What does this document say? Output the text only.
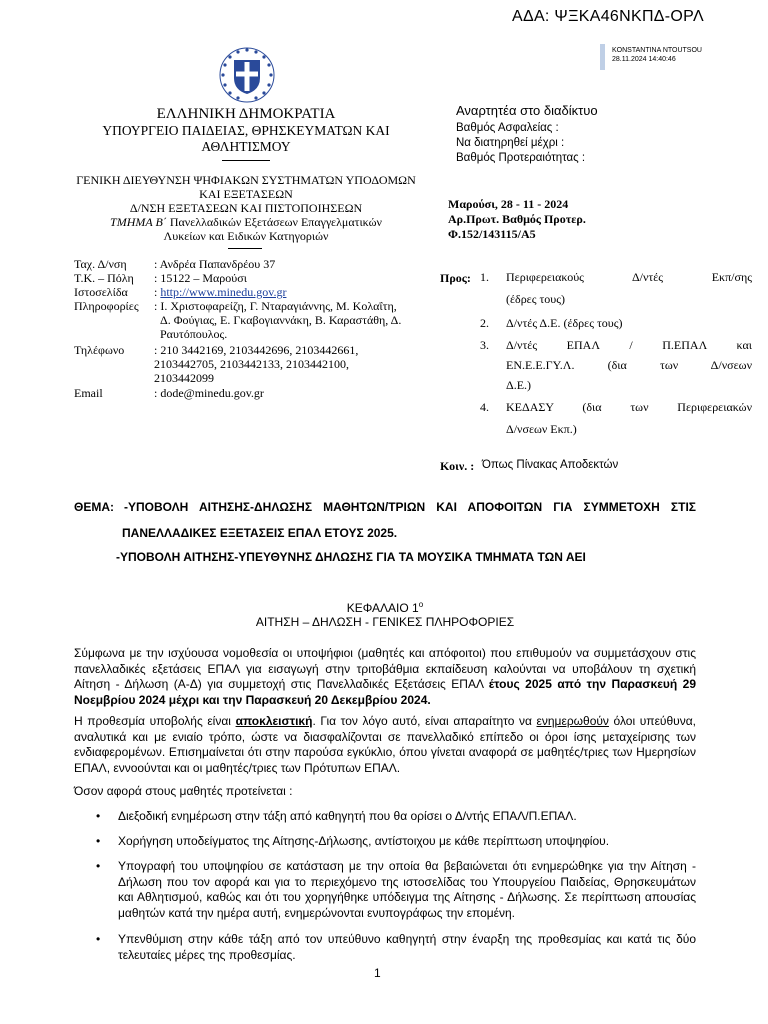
ΑΔΑ: ΨΞΚΑ46ΝΚΠΔ-ΟΡΛ
KONSTANTINA NTOUTSOU
28.11.2024 14:40:46
ΕΛΛΗΝΙΚΗ ΔΗΜΟΚΡΑΤΙΑ
ΥΠΟΥΡΓΕΙΟ ΠΑΙΔΕΙΑΣ, ΘΡΗΣΚΕΥΜΑΤΩΝ ΚΑΙ
ΑΘΛΗΤΙΣΜΟΥ
ΓΕΝΙΚΗ ΔΙΕΥΘΥΝΣΗ ΨΗΦΙΑΚΩΝ ΣΥΣΤΗΜΑΤΩΝ ΥΠΟΔΟΜΩΝ
ΚΑΙ ΕΞΕΤΑΣΕΩΝ
Δ/ΝΣΗ ΕΞΕΤΑΣΕΩΝ ΚΑΙ ΠΙΣΤΟΠΟΙΗΣΕΩΝ
ΤΜΗΜΑ Β΄ Πανελλαδικών Εξετάσεων Επαγγελματικών
Λυκείων και Ειδικών Κατηγοριών
Ταχ. Δ/νση	: Ανδρέα Παπανδρέου 37
Τ.Κ. – Πόλη	: 15122 – Μαρούσι
Ιστοσελίδα	: http://www.minedu.gov.gr
Πληροφορίες	: Ι. Χριστοφαρείζη, Γ. Νταραγιάννης, Μ. Κολαΐτη,
Δ. Φούγιας, Ε. Γκαβογιαννάκη, Β. Καραστάθη, Δ.
Ραυτόπουλος.
Τηλέφωνο	: 210 3442169, 2103442696, 2103442661,
2103442705, 2103442133, 2103442100,
2103442099
Email	: dode@minedu.gov.gr
Αναρτητέα στο διαδίκτυο
Βαθμός Ασφαλείας :
Να διατηρηθεί μέχρι :
Βαθμός Προτεραιότητας :
Μαρούσι, 28 - 11 - 2024
Αρ.Πρωτ. Βαθμός Προτερ.
Φ.152/143115/Α5
Προς: 1. Περιφερειακούς Δ/ντές Εκπ/σης
(έδρες τους)
2. Δ/ντές Δ.Ε. (έδρες τους)
3. Δ/ντές ΕΠΑΛ / Π.ΕΠΑΛ και
ΕΝ.Ε.Ε.ΓΥ.Λ. (δια των Δ/νσεων
Δ.Ε.)
4. ΚΕΔΑΣΥ (δια των Περιφερειακών
Δ/νσεων Εκπ.)
Κοιν. : Όπως Πίνακας Αποδεκτών
ΘΕΜΑ: -ΥΠΟΒΟΛΗ ΑΙΤΗΣΗΣ-ΔΗΛΩΣΗΣ ΜΑΘΗΤΩΝ/ΤΡΙΩΝ ΚΑΙ ΑΠΟΦΟΙΤΩΝ ΓΙΑ ΣΥΜΜΕΤΟΧΗ ΣΤΙΣ
ΠΑΝΕΛΛΑΔΙΚΕΣ ΕΞΕΤΑΣΕΙΣ ΕΠΑΛ ΕΤΟΥΣ 2025.
-ΥΠΟΒΟΛΗ ΑΙΤΗΣΗΣ-ΥΠΕΥΘΥΝΗΣ ΔΗΛΩΣΗΣ ΓΙΑ ΤΑ ΜΟΥΣΙΚΑ ΤΜΗΜΑΤΑ ΤΩΝ ΑΕΙ
ΚΕΦΑΛΑΙΟ $1^o$
ΑΙΤΗΣΗ – ΔΗΛΩΣΗ - ΓΕΝΙΚΕΣ ΠΛΗΡΟΦΟΡΙΕΣ
Σύμφωνα με την ισχύουσα νομοθεσία οι υποψήφιοι (μαθητές και απόφοιτοι) που επιθυμούν να συμμετάσχουν στις πανελλαδικές εξετάσεις ΕΠΑΛ για εισαγωγή στην τριτοβάθμια εκπαίδευση καλούνται να υποβάλουν τη σχετική Αίτηση - Δήλωση (Α-Δ) για συμμετοχή στις Πανελλαδικές Εξετάσεις ΕΠΑΛ έτους 2025 από την Παρασκευή 29 Νοεμβρίου 2024 μέχρι και την Παρασκευή 20 Δεκεμβρίου 2024.
Η προθεσμία υποβολής είναι αποκλειστική. Για τον λόγο αυτό, είναι απαραίτητο να ενημερωθούν όλοι υπεύθυνα, αναλυτικά και με ενιαίο τρόπο, ώστε να διασφαλίζονται σε πανελλαδικό επίπεδο οι όροι ίσης μεταχείρισης των ενδιαφερομένων. Επισημαίνεται ότι στην παρούσα εγκύκλιο, όπου γίνεται αναφορά σε μαθητές/τριες των Ημερησίων ΕΠΑΛ, εννοούνται και οι μαθητές/τριες των Πρότυπων ΕΠΑΛ.
Όσον αφορά στους μαθητές προτείνεται :
• Διεξοδική ενημέρωση στην τάξη από καθηγητή που θα ορίσει ο Δ/ντής ΕΠΑΛ/Π.ΕΠΑΛ.
• Χορήγηση υποδείγματος της Αίτησης-Δήλωσης, αντίστοιχου με κάθε περίπτωση υποψηφίου.
• Υπογραφή του υποψηφίου σε κατάσταση με την οποία θα βεβαιώνεται ότι ενημερώθηκε για την Αίτηση - Δήλωση που τον αφορά και για το περιεχόμενο της ιστοσελίδας του Υπουργείου Παιδείας, Θρησκευμάτων και Αθλητισμού, καθώς και ότι του χορηγήθηκε υπόδειγμα της Αίτησης - Δήλωσης. Σε περίπτωση απουσίας μαθητών κατά την ημέρα αυτή, ενημερώνονται ενυπογράφως την επομένη.
• Υπενθύμιση στην κάθε τάξη από τον υπεύθυνο καθηγητή στην έναρξη της προθεσμίας και κατά τις δύο τελευταίες μέρες της προθεσμίας.
1
